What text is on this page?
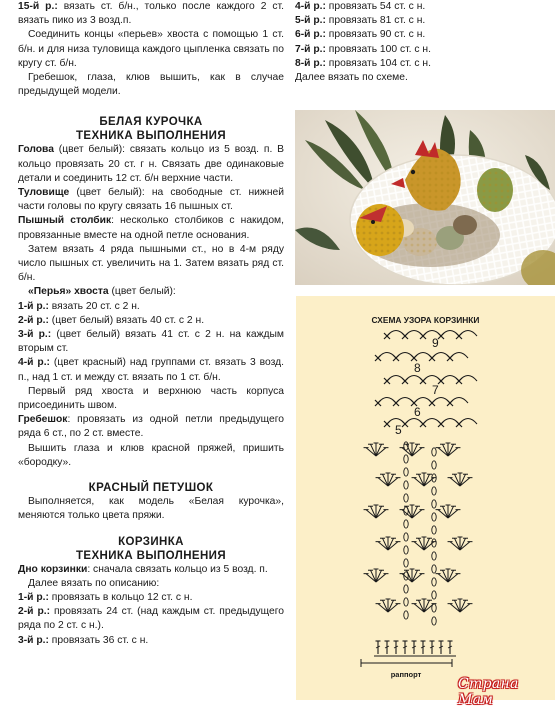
15-й р.: вязать ст. б/н., только после каждого 2 ст. вязать пико из 3 возд.п.

Соединить концы «перьев» хвоста с помощью 1 ст. б/н. и для низа туловища каждого цыпленка связать по кругу ст. б/н.

Гребешок, глаза, клюв вышить, как в случае предыдущей модели.

БЕЛАЯ КУРОЧКА
ТЕХНИКА ВЫПОЛНЕНИЯ

Голова (цвет белый): связать кольцо из 5 возд. п. В кольцо провязать 20 ст. г н. Связать две одинаковые детали и соединить 12 ст. б/н верхние части.

Туловище (цвет белый): на свободные ст. нижней части головы по кругу связать 16 пышных ст.

Пышный столбик: несколько столбиков с накидом, провязанные вместе на одной петле основания.

Затем вязать 4 ряда пышными ст., но в 4-м ряду число пышных ст. увеличить на 1. Затем вязать ряд ст. б/н.

«Перья» хвоста (цвет белый):

1-й р.: вязать 20 ст. с 2 н.

2-й р.: (цвет белый) вязать 40 ст. с 2 н.

3-й р.: (цвет белый) вязать 41 ст. с 2 н. на каждым вторым ст.

4-й р.: (цвет красный) над группами ст. вязать 3 возд. п., над 1 ст. и между ст. вязать по 1 ст. б/н.

Первый ряд хвоста и верхнюю часть корпуса присоединить швом.

Гребешок: провязать из одной петли предыдущего ряда 6 ст., по 2 ст. вместе.

Вышить глаза и клюв красной пряжей, пришить «бородку».

КРАСНЫЙ ПЕТУШОК

Выполняется, как модель «Белая курочка», меняются только цвета пряжи.

КОРЗИНКА
ТЕХНИКА ВЫПОЛНЕНИЯ

Дно корзинки: сначала связать кольцо из 5 возд. п.

Далее вязать по описанию:

1-й р.: провязать в кольцо 12 ст. с н.

2-й р.: провязать 24 ст. (над каждым ст. предыдущего ряда по 2 ст. с н.).

3-й р.: провязать 36 ст. с н.

4-й р.: провязать 54 ст. с н.

5-й р.: провязать 81 ст. с н.

6-й р.: провязать 90 ст. с н.

7-й р.: провязать 100 ст. с н.

8-й р.: провязать 104 ст. с н.

Далее вязать по схеме.

СХЕМА УЗОРА КОРЗИНКИ
раппорт
9
8
7
6
5
Страна Мам
